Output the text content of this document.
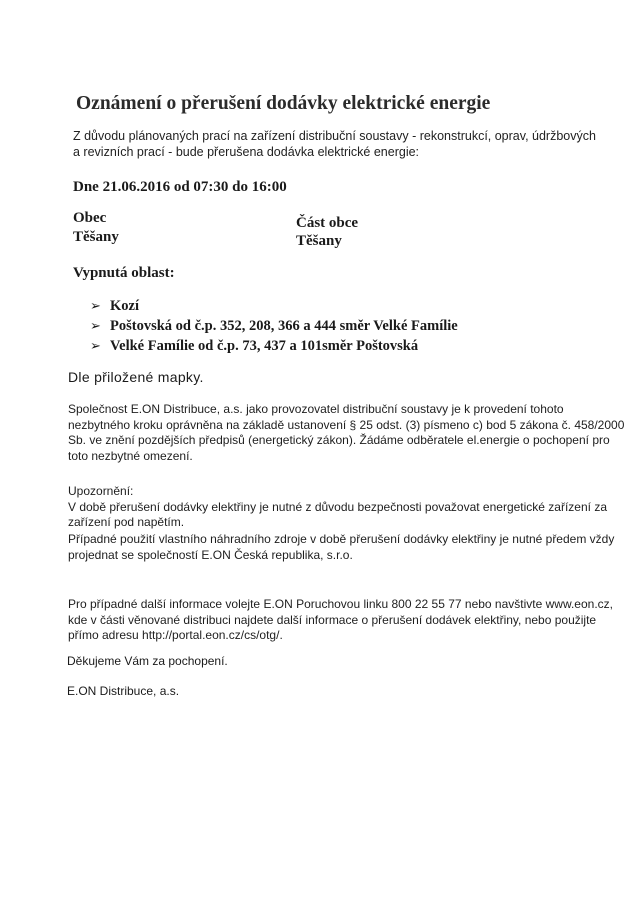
Oznámení o přerušení dodávky elektrické energie
Z důvodu plánovaných prací na zařízení distribuční soustavy - rekonstrukcí, oprav, údržbových
a revizních prací - bude přerušena dodávka elektrické energie:
Dne 21.06.2016 od 07:30 do 16:00
Obec
Těšany
Část obce
Těšany
Vypnutá oblast:
➢ Kozí
➢ Poštovská od č.p. 352, 208, 366 a 444 směr Velké Famílie
➢ Velké Famílie od č.p. 73, 437 a 101směr Poštovská
Dle přiložené mapky.
Společnost E.ON Distribuce, a.s. jako provozovatel distribuční soustavy je k provedení tohoto
nezbytného kroku oprávněna na základě ustanovení § 25 odst. (3) písmeno c) bod 5 zákona č. 458/2000
Sb. ve znění pozdějších předpisů (energetický zákon). Žádáme odběratele el.energie o pochopení pro
toto nezbytné omezení.
Upozornění:
V době přerušení dodávky elektřiny je nutné z důvodu bezpečnosti považovat energetické zařízení za
zařízení pod napětím.
Případné použití vlastního náhradního zdroje v době přerušení dodávky elektřiny je nutné předem vždy
projednat se společností E.ON Česká republika, s.r.o.
Pro případné další informace volejte E.ON Poruchovou linku 800 22 55 77 nebo navštivte www.eon.cz,
kde v části věnované distribuci najdete další informace o přerušení dodávek elektřiny, nebo použijte
přímo adresu http://portal.eon.cz/cs/otg/.
Děkujeme Vám za pochopení.
E.ON Distribuce, a.s.
